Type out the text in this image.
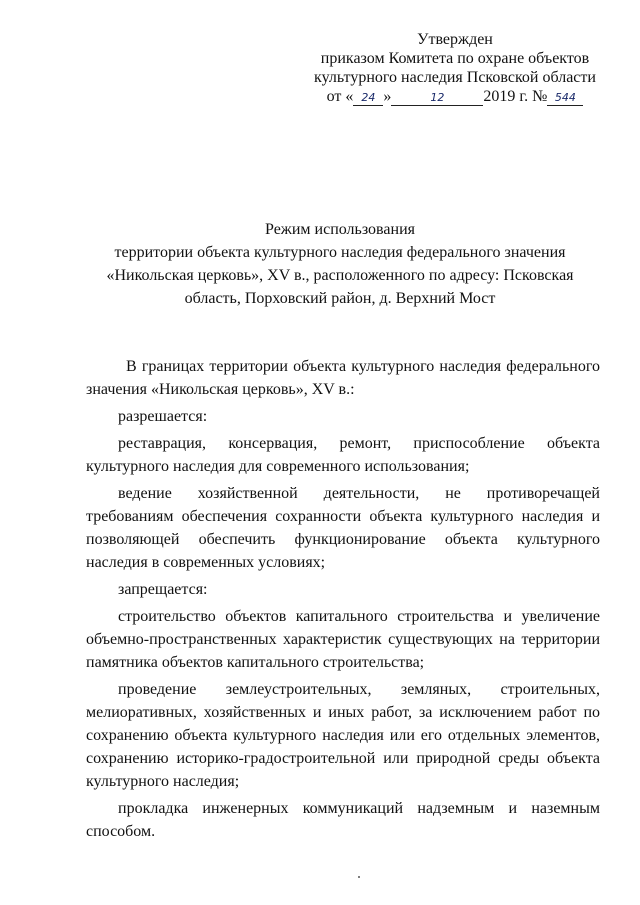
Утвержден
приказом Комитета по охране объектов
культурного наследия Псковской области
от « 24 »	12 2019 г. № 544
Режим использования
территории объекта культурного наследия федерального значения
«Никольская церковь», XV в., расположенного по адресу: Псковская
область, Порховский район, д. Верхний Мост

В границах территории объекта культурного наследия федерального значения «Никольская церковь», XV в.:

разрешается:

реставрация, консервация, ремонт, приспособление объекта культурного наследия для современного использования;

ведение хозяйственной деятельности, не противоречащей требованиям обеспечения сохранности объекта культурного наследия и позволяющей обеспечить функционирование объекта культурного наследия в современных условиях;

запрещается:

строительство объектов капитального строительства и увеличение объемно-пространственных характеристик существующих на территории памятника объектов капитального строительства;

проведение землеустроительных, земляных, строительных, мелиоративных, хозяйственных и иных работ, за исключением работ по сохранению объекта культурного наследия или его отдельных элементов, сохранению историко-градостроительной или природной среды объекта культурного наследия;

прокладка инженерных коммуникаций надземным и наземным способом.
